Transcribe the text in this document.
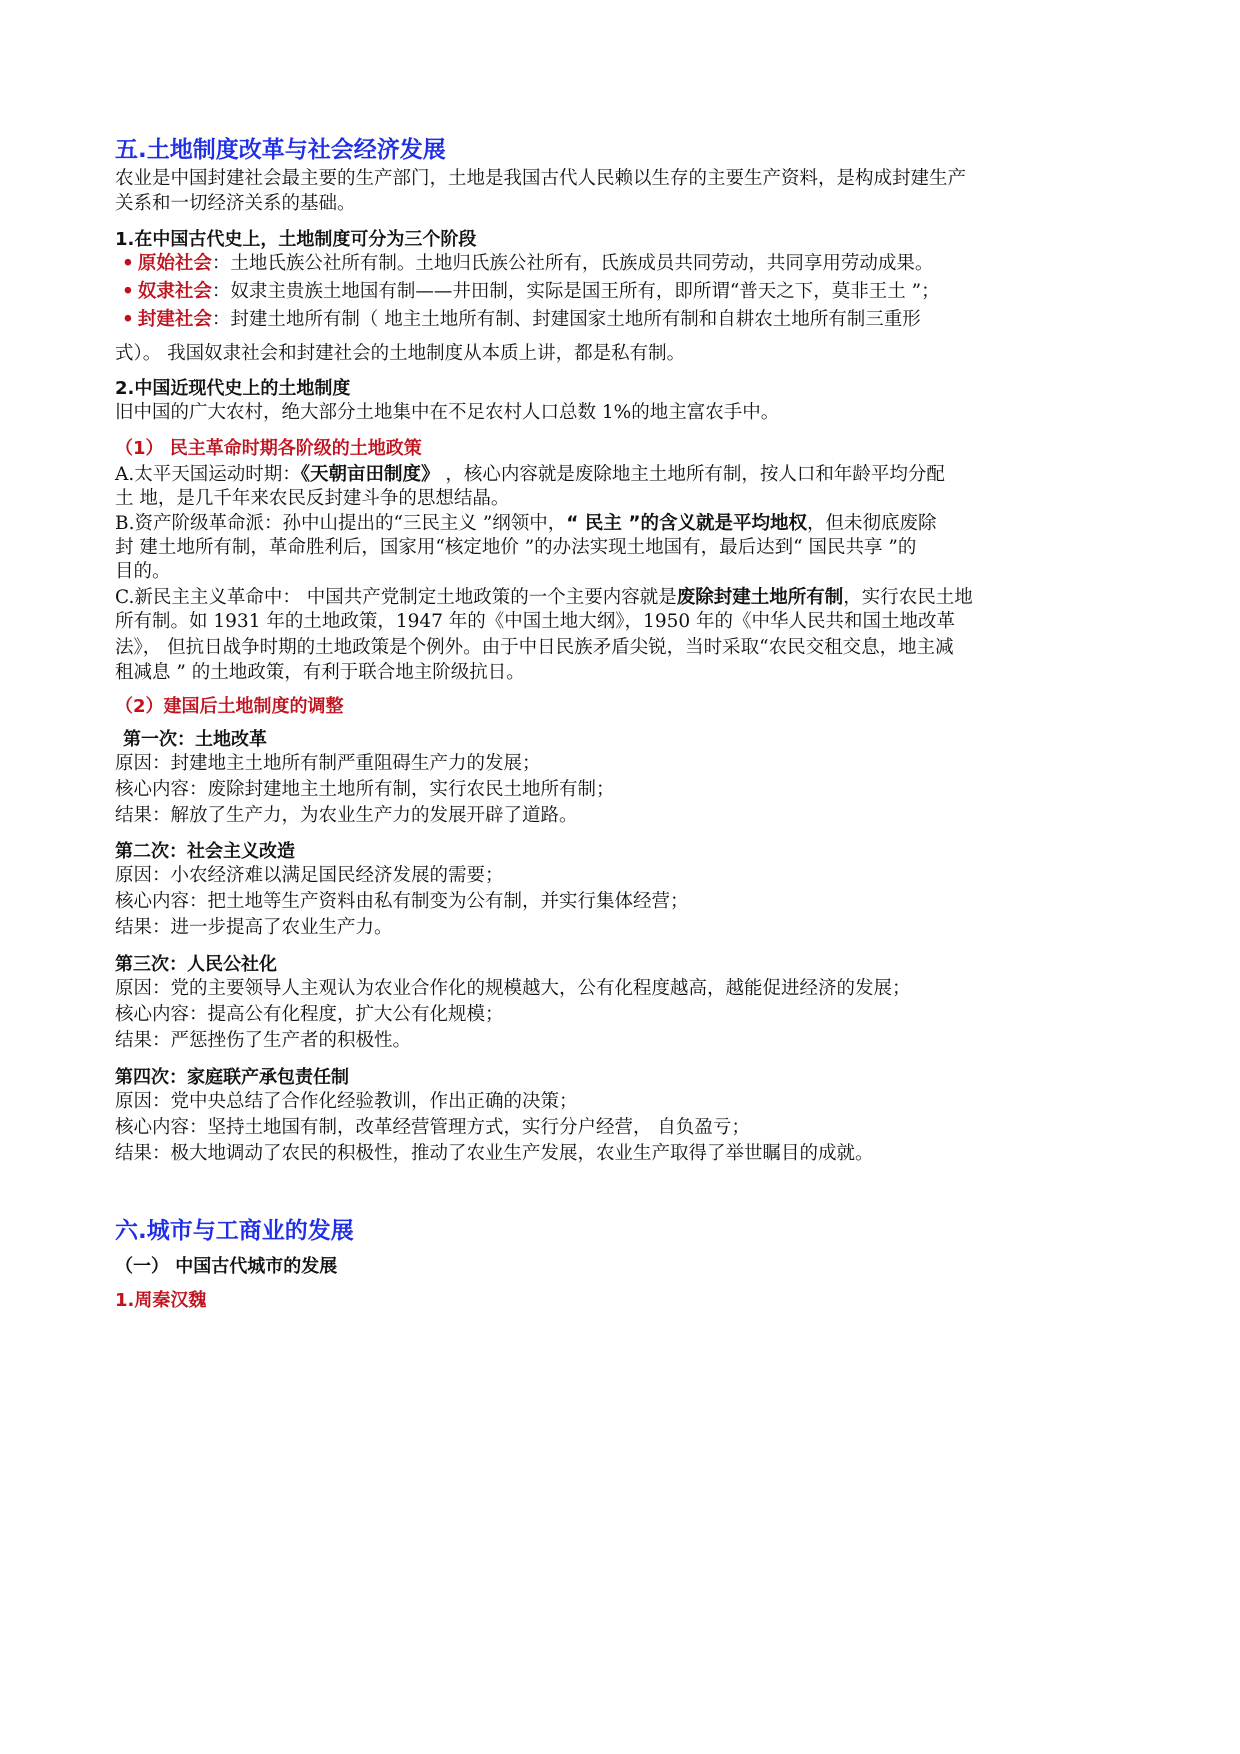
五.土地制度改革与社会经济发展
农业是中国封建社会最主要的生产部门，土地是我国古代人民赖以生存的主要生产资料，是构成封建生产
关系和一切经济关系的基础。
1.在中国古代史上，土地制度可分为三个阶段
• 原始社会：土地氏族公社所有制。土地归氏族公社所有，氏族成员共同劳动，共同享用劳动成果。
• 奴隶社会：奴隶主贵族土地国有制——井田制，实际是国王所有，即所谓“普天之下，莫非王土 ”；
• 封建社会：封建土地所有制（ 地主土地所有制、封建国家土地所有制和自耕农土地所有制三重形
式）。 我国奴隶社会和封建社会的土地制度从本质上讲，都是私有制。
2.中国近现代史上的土地制度
旧中国的广大农村，绝大部分土地集中在不足农村人口总数 1%的地主富农手中。
（1） 民主革命时期各阶级的土地政策
A.太平天国运动时期：《天朝亩田制度》 ，核心内容就是废除地主土地所有制，按人口和年龄平均分配
土 地，是几千年来农民反封建斗争的思想结晶。
B.资产阶级革命派：孙中山提出的“三民主义 ”纲领中，“ 民主 ”的含义就是平均地权，但未彻底废除
封 建土地所有制，革命胜利后，国家用“核定地价 ”的办法实现土地国有，最后达到“ 国民共享 ”的
目的。
C.新民主主义革命中： 中国共产党制定土地政策的一个主要内容就是废除封建土地所有制，实行农民土地
所有制。如 1931 年的土地政策，1947 年的《中国土地大纲》，1950 年的《中华人民共和国土地改革
法》， 但抗日战争时期的土地政策是个例外。由于中日民族矛盾尖锐，当时采取“农民交租交息，地主减
租减息 ” 的土地政策，有利于联合地主阶级抗日。
（2）建国后土地制度的调整
第一次：土地改革
原因：封建地主土地所有制严重阻碍生产力的发展；
核心内容：废除封建地主土地所有制，实行农民土地所有制；
结果：解放了生产力，为农业生产力的发展开辟了道路。
第二次：社会主义改造
原因：小农经济难以满足国民经济发展的需要；
核心内容：把土地等生产资料由私有制变为公有制，并实行集体经营；
结果：进一步提高了农业生产力。
第三次：人民公社化
原因：党的主要领导人主观认为农业合作化的规模越大，公有化程度越高，越能促进经济的发展；
核心内容：提高公有化程度，扩大公有化规模；
结果：严惩挫伤了生产者的积极性。
第四次：家庭联产承包责任制
原因：党中央总结了合作化经验教训，作出正确的决策；
核心内容：坚持土地国有制，改革经营管理方式，实行分户经营， 自负盈亏；
结果：极大地调动了农民的积极性，推动了农业生产发展，农业生产取得了举世瞩目的成就。
六.城市与工商业的发展
（一） 中国古代城市的发展
1.周秦汉魏
